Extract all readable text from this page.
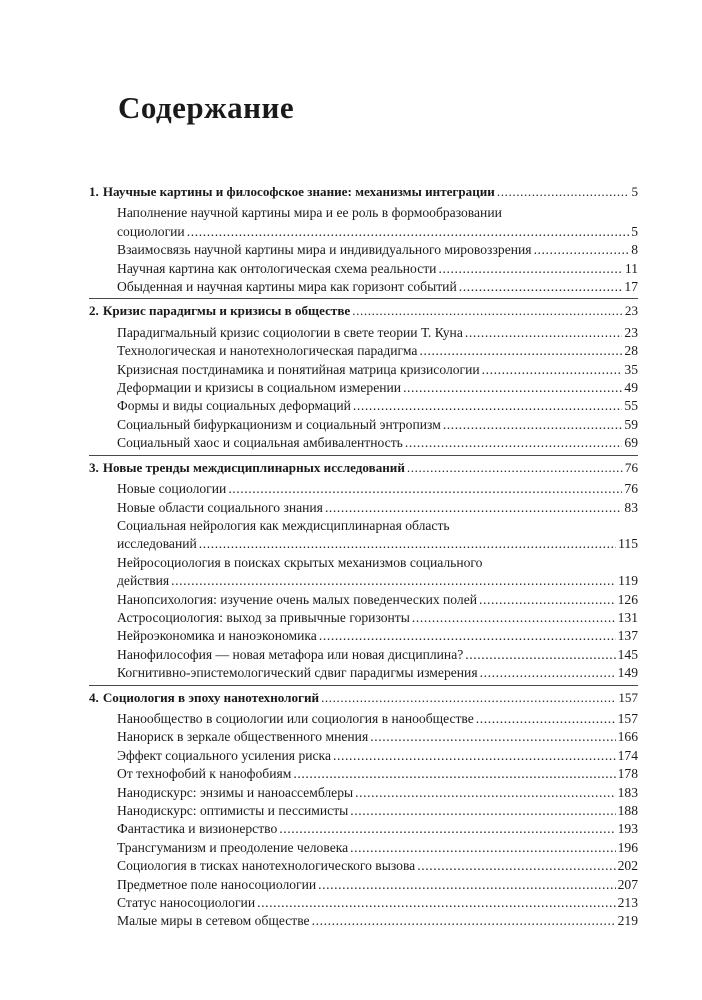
Содержание
1. Научные картины и философское знание: механизмы интеграции .....	5
Наполнение научной картины мира и ее роль в формообразовании
социологии .....	5
Взаимосвязь научной картины мира и индивидуального мировоззрения .....	8
Научная картина как онтологическая схема реальности .....	11
Обыденная и научная картины мира как горизонт событий .....	17
2. Кризис парадигмы и кризисы в обществе .....	23
Парадигмальный кризис социологии в свете теории Т. Куна .....	23
Технологическая и нанотехнологическая парадигма .....	28
Кризисная постдинамика и понятийная матрица кризисологии .....	35
Деформации и кризисы в социальном измерении .....	49
Формы и виды социальных деформаций .....	55
Социальный бифуркационизм и социальный энтропизм .....	59
Социальный хаос и социальная амбивалентность .....	69
3. Новые тренды междисциплинарных исследований .....	76
Новые социологии .....	76
Новые области социального знания .....	83
Социальная нейрология как междисциплинарная область
исследований .....	115
Нейросоциология в поисках скрытых механизмов социального
действия .....	119
Нанопсихология: изучение очень малых поведенческих полей .....	126
Астросоциология: выход за привычные горизонты .....	131
Нейроэкономика и наноэкономика .....	137
Нанофилософия — новая метафора или новая дисциплина? .....	145
Когнитивно-эпистемологический сдвиг парадигмы измерения .....	149
4. Социология в эпоху нанотехнологий .....	157
Нанообщество в социологии или социология в нанообществе .....	157
Нанориск в зеркале общественного мнения .....	166
Эффект социального усиления риска .....	174
От технофобий к нанофобиям .....	178
Нанодискурс: энзимы и наноассемблеры .....	183
Нанодискурс: оптимисты и пессимисты .....	188
Фантастика и визионерство .....	193
Трансгуманизм и преодоление человека .....	196
Социология в тисках нанотехнологического вызова .....	202
Предметное поле наносоциологии .....	207
Статус наносоциологии .....	213
Малые миры в сетевом обществе .....	219
